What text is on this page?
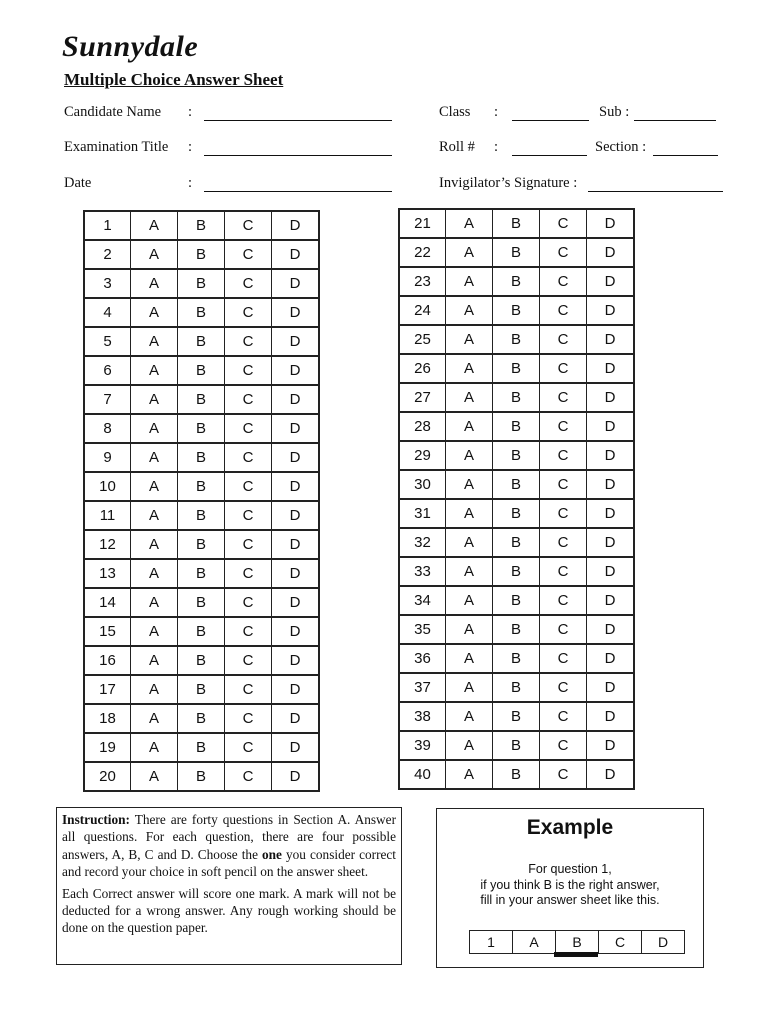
Sunnydale
Multiple Choice Answer Sheet
Candidate Name :
Examination Title :
Date	:
Class :	Sub :
Roll # :	Section :
Invigilator’s Signature :
1	A	B	C	D
2	A	B	C	D
3	A	B	C	D
4	A	B	C	D
5	A	B	C	D
6	A	B	C	D
7	A	B	C	D
8	A	B	C	D
9	A	B	C	D
10	A	B	C	D
11	A	B	C	D
12	A	B	C	D
13	A	B	C	D
14	A	B	C	D
15	A	B	C	D
16	A	B	C	D
17	A	B	C	D
18	A	B	C	D
19	A	B	C	D
20	A	B	C	D
21	A	B	C	D
22	A	B	C	D
23	A	B	C	D
24	A	B	C	D
25	A	B	C	D
26	A	B	C	D
27	A	B	C	D
28	A	B	C	D
29	A	B	C	D
30	A	B	C	D
31	A	B	C	D
32	A	B	C	D
33	A	B	C	D
34	A	B	C	D
35	A	B	C	D
36	A	B	C	D
37	A	B	C	D
38	A	B	C	D
39	A	B	C	D
40	A	B	C	D

Instruction: There are forty questions in Section A. Answer all questions. For each question, there are four possible answers, A, B, C and D. Choose the one you consider correct and record your choice in soft pencil on the answer sheet.

Each Correct answer will score one mark. A mark will not be deducted for a wrong answer. Any rough working should be done on the question paper.

Example
For question 1,
if you think B is the right answer,
fill in your answer sheet like this.
1	A	B	C	D
